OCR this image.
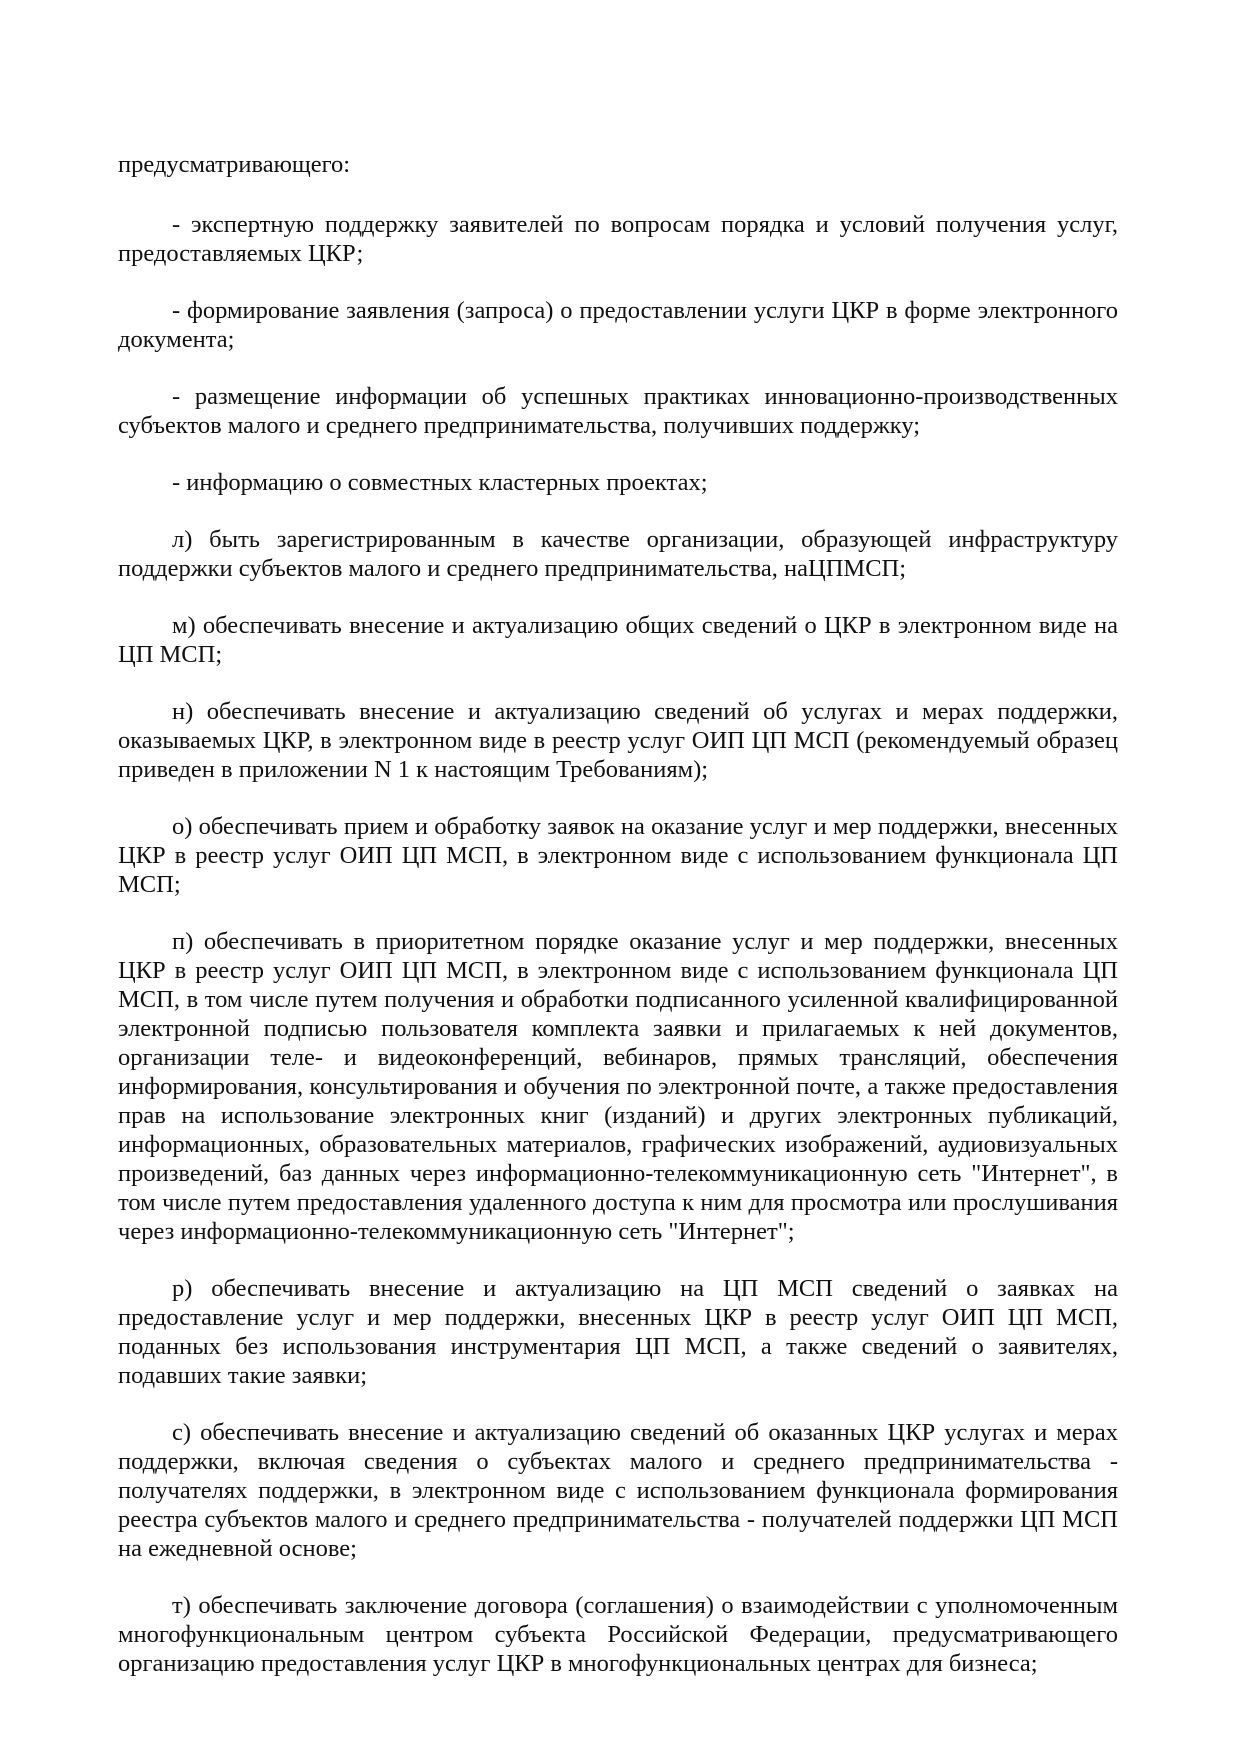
предусматривающего:

- экспертную поддержку заявителей по вопросам порядка и условий получения услуг, предоставляемых ЦКР;

- формирование заявления (запроса) о предоставлении услуги ЦКР в форме электронного документа;

- размещение информации об успешных практиках инновационно-производственных субъектов малого и среднего предпринимательства, получивших поддержку;

- информацию о совместных кластерных проектах;

л) быть зарегистрированным в качестве организации, образующей инфраструктуру поддержки субъектов малого и среднего предпринимательства, наЦПМСП;

м) обеспечивать внесение и актуализацию общих сведений о ЦКР в электронном виде на ЦП МСП;

н) обеспечивать внесение и актуализацию сведений об услугах и мерах поддержки, оказываемых ЦКР, в электронном виде в реестр услуг ОИП ЦП МСП (рекомендуемый образец приведен в приложении N 1 к настоящим Требованиям);

о) обеспечивать прием и обработку заявок на оказание услуг и мер поддержки, внесенных ЦКР в реестр услуг ОИП ЦП МСП, в электронном виде с использованием функционала ЦП МСП;

п) обеспечивать в приоритетном порядке оказание услуг и мер поддержки, внесенных ЦКР в реестр услуг ОИП ЦП МСП, в электронном виде с использованием функционала ЦП МСП, в том числе путем получения и обработки подписанного усиленной квалифицированной электронной подписью пользователя комплекта заявки и прилагаемых к ней документов, организации теле- и видеоконференций, вебинаров, прямых трансляций, обеспечения информирования, консультирования и обучения по электронной почте, а также предоставления прав на использование электронных книг (изданий) и других электронных публикаций, информационных, образовательных материалов, графических изображений, аудиовизуальных произведений, баз данных через информационно-телекоммуникационную сеть "Интернет", в том числе путем предоставления удаленного доступа к ним для просмотра или прослушивания через информационно-телекоммуникационную сеть "Интернет";

р) обеспечивать внесение и актуализацию на ЦП МСП сведений о заявках на предоставление услуг и мер поддержки, внесенных ЦКР в реестр услуг ОИП ЦП МСП, поданных без использования инструментария ЦП МСП, а также сведений о заявителях, подавших такие заявки;

с) обеспечивать внесение и актуализацию сведений об оказанных ЦКР услугах и мерах поддержки, включая сведения о субъектах малого и среднего предпринимательства - получателях поддержки, в электронном виде с использованием функционала формирования реестра субъектов малого и среднего предпринимательства - получателей поддержки ЦП МСП на ежедневной основе;

т) обеспечивать заключение договора (соглашения) о взаимодействии с уполномоченным многофункциональным центром субъекта Российской Федерации, предусматривающего организацию предоставления услуг ЦКР в многофункциональных центрах для бизнеса;
